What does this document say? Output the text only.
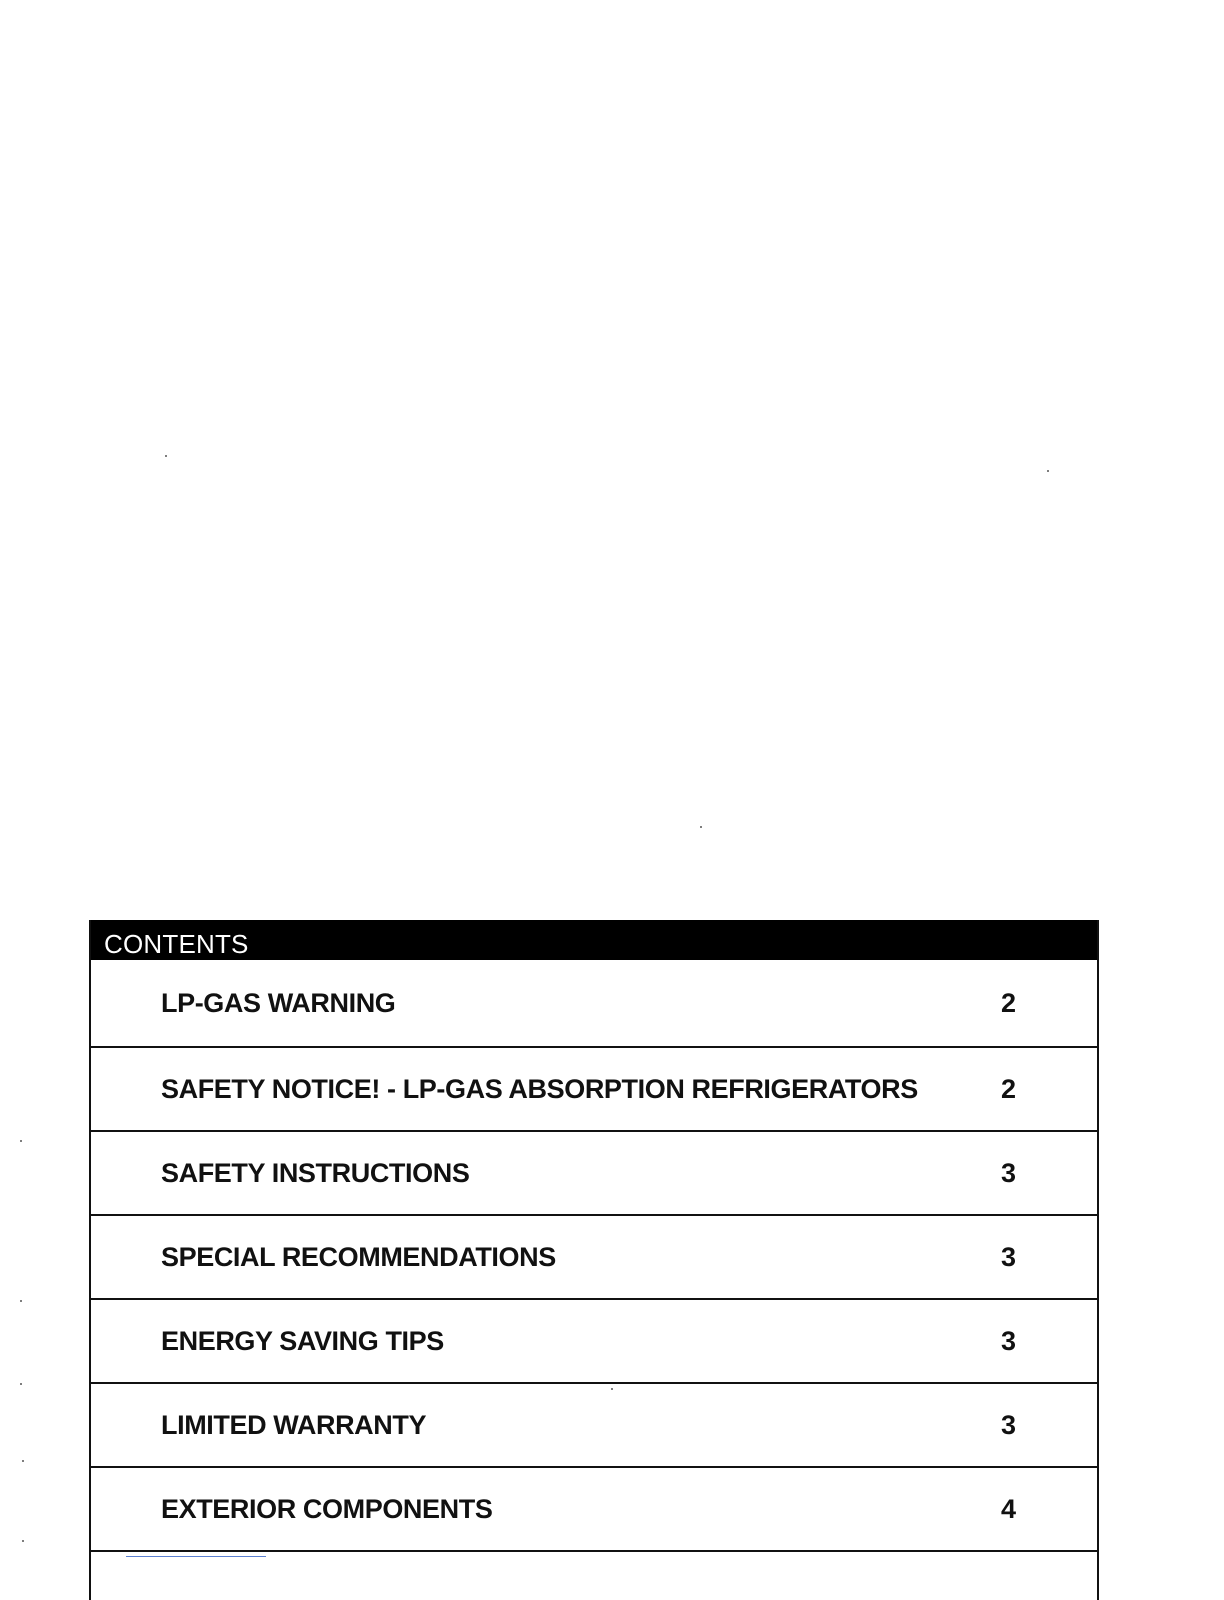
CONTENTS
LP-GAS WARNING	2
SAFETY NOTICE! - LP-GAS ABSORPTION REFRIGERATORS	2
SAFETY INSTRUCTIONS	3
SPECIAL RECOMMENDATIONS	3
ENERGY SAVING TIPS	3
LIMITED WARRANTY	3
EXTERIOR COMPONENTS	4
